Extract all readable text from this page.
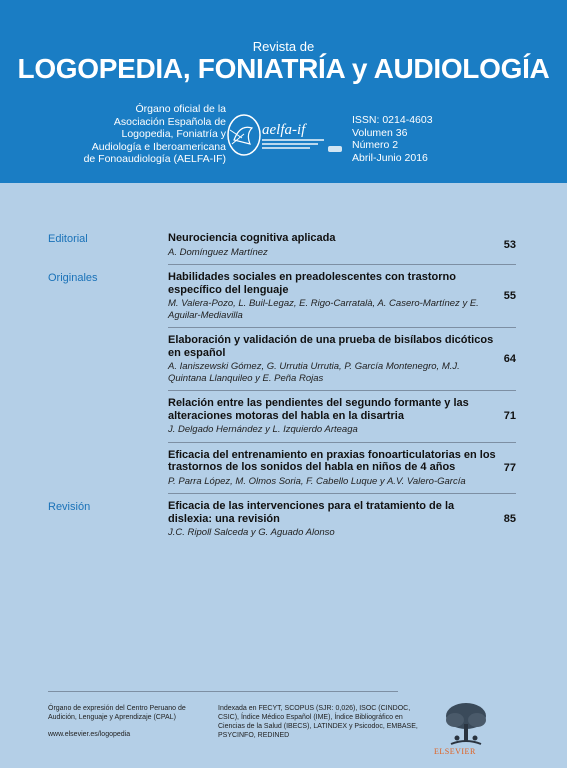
Revista de
LOGOPEDIA, FONIATRÍA y AUDIOLOGÍA
Órgano oficial de la
Asociación Española de
Logopedia, Foniatría y
Audiología e Iberoamericana
de Fonoaudiología (AELFA-IF)
aelfa-if
ISSN: 0214-4603
Volumen 36
Número 2
Abril-Junio 2016
Editorial	Neurociencia cognitiva aplicada
A. Domínguez Martínez
53
Originales	Habilidades sociales en preadolescentes con trastorno específico del lenguaje
M. Valera-Pozo, L. Buil-Legaz, E. Rigo-Carratalà, A. Casero-Martínez y E. Aguilar-Mediavilla
55
Elaboración y validación de una prueba de bisílabos dicóticos en español
A. Ianiszewski Gómez, G. Urrutia Urrutia, P. García Montenegro, M.J. Quintana Llanquileo y E. Peña Rojas
64
Relación entre las pendientes del segundo formante y las alteraciones motoras del habla en la disartria
J. Delgado Hernández y L. Izquierdo Arteaga
71
Eficacia del entrenamiento en praxias fonoarticulatorias en los trastornos de los sonidos del habla en niños de 4 años
P. Parra López, M. Olmos Soria, F. Cabello Luque y A.V. Valero-García
77
Revisión	Eficacia de las intervenciones para el tratamiento de la dislexia: una revisión
J.C. Ripoll Salceda y G. Aguado Alonso
85
Órgano de expresión del Centro Peruano de Audición, Lenguaje y Aprendizaje (CPAL)
www.elsevier.es/logopedia
Indexada en FECYT, SCOPUS (SJR: 0,026), ISOC (CINDOC, CSIC), Índice Médico Español (IME), Índice Bibliográfico en Ciencias de la Salud (IBECS), LATINDEX y Psicodoc, EMBASE, PSYCINFO, REDINED
ELSEVIER
